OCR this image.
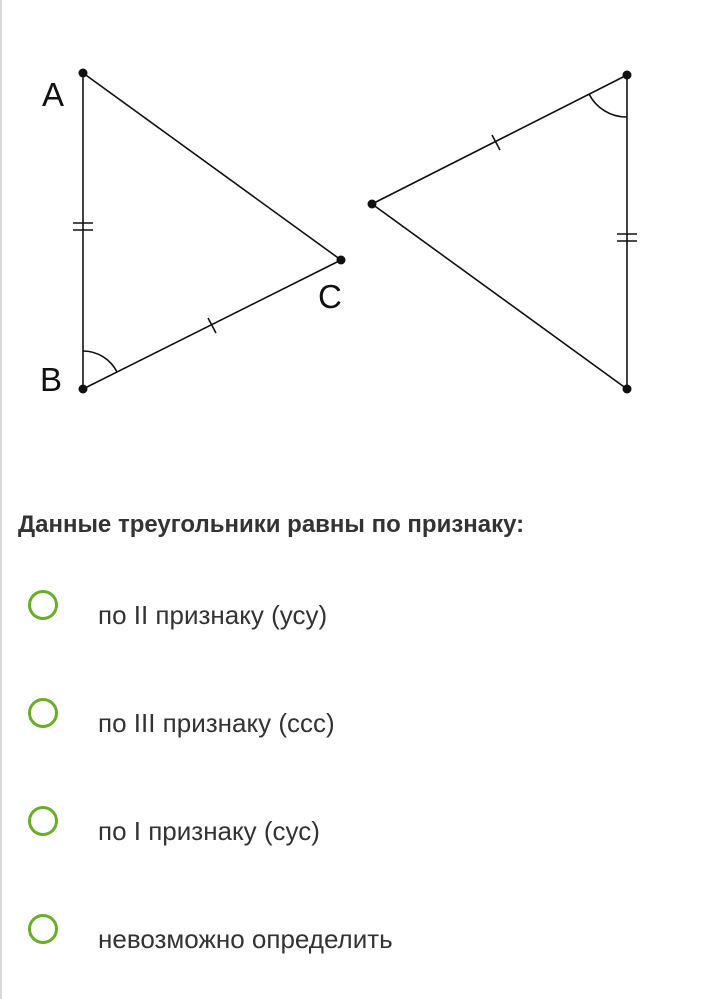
A
B
C
Данные треугольники равны по признаку:
по II признаку (усу)
по III признаку (ссс)
по I признаку (сус)
невозможно определить
